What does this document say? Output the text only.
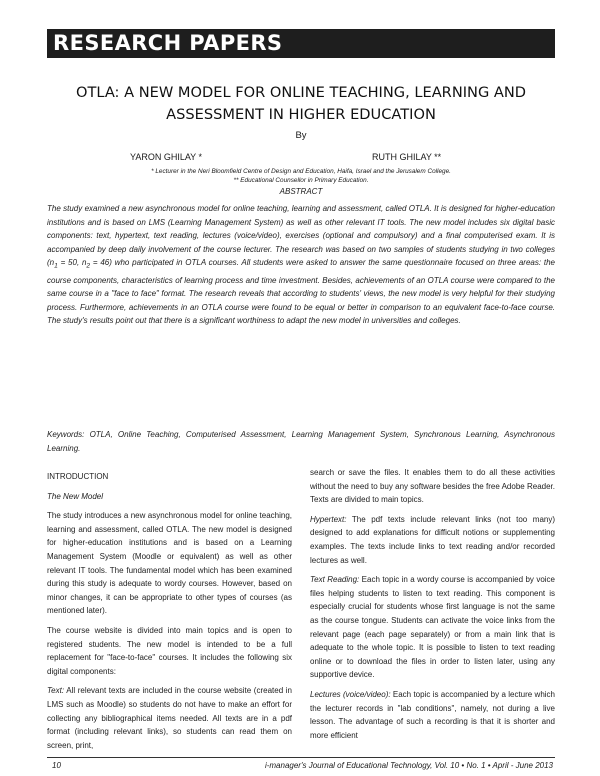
RESEARCH PAPERS
OTLA: A NEW MODEL FOR ONLINE TEACHING, LEARNING AND
ASSESSMENT IN HIGHER EDUCATION
By
YARON GHILAY *	RUTH GHILAY **
* Lecturer in the Neri Bloomfield Centre of Design and Education, Haifa, Israel and the Jerusalem College.
** Educational Counsellor in Primary Education.
ABSTRACT

The study examined a new asynchronous model for online teaching, learning and assessment, called OTLA. It is designed for higher-education institutions and is based on LMS (Learning Management System) as well as other relevant IT tools. The new model includes six digital basic components: text, hypertext, text reading, lectures (voice/video), exercises (optional and compulsory) and a final computerised exam. It is accompanied by deep daily involvement of the course lecturer. The research was based on two samples of students studying in two colleges ($n_1 = 50$, $n_2 = 46$) who participated in OTLA courses. All students were asked to answer the same questionnaire focused on three areas: the course components, characteristics of learning process and time investment. Besides, achievements of an OTLA course were compared to the same course in a "face to face" format. The research reveals that according to students' views, the new model is very helpful for their studying process. Furthermore, achievements in an OTLA course were found to be equal or better in comparison to an equivalent face-to-face course. The study's results point out that there is a significant worthiness to adapt the new model in universities and colleges.

Keywords: OTLA, Online Teaching, Computerised Assessment, Learning Management System, Synchronous Learning, Asynchronous Learning.

INTRODUCTION
The New Model

The study introduces a new asynchronous model for online teaching, learning and assessment, called OTLA. The new model is designed for higher-education institutions and is based on a Learning Management System (Moodle or equivalent) as well as other relevant IT tools. The fundamental model which has been examined during this study is adequate to wordy courses. However, based on minor changes, it can be appropriate to other types of courses (as mentioned later).

The course website is divided into main topics and is open to registered students. The new model is intended to be a full replacement for "face-to-face" courses. It includes the following six digital components:

Text: All relevant texts are included in the course website (created in LMS such as Moodle) so students do not have to make an effort for collecting any bibliographical items needed. All texts are in a pdf format (including relevant links), so students can read them on screen, print,

search or save the files. It enables them to do all these activities without the need to buy any software besides the free Adobe Reader. Texts are divided to main topics.

Hypertext: The pdf texts include relevant links (not too many) designed to add explanations for difficult notions or supplementing examples. The texts include links to text reading and/or recorded lectures as well.

Text Reading: Each topic in a wordy course is accompanied by voice files helping students to listen to text reading. This component is especially crucial for students whose first language is not the same as the course tongue. Students can activate the voice links from the relevant page (each page separately) or from a main link that is adequate to the whole topic. It is possible to listen to text reading online or to download the files in order to listen later, using any supportive device.

Lectures (voice/video): Each topic is accompanied by a lecture which the lecturer records in "lab conditions", namely, not during a live lesson. The advantage of such a recording is that it is shorter and more efficient

10	i-manager's Journal of Educational Technology, Vol. 10 • No. 1 • April - June 2013
